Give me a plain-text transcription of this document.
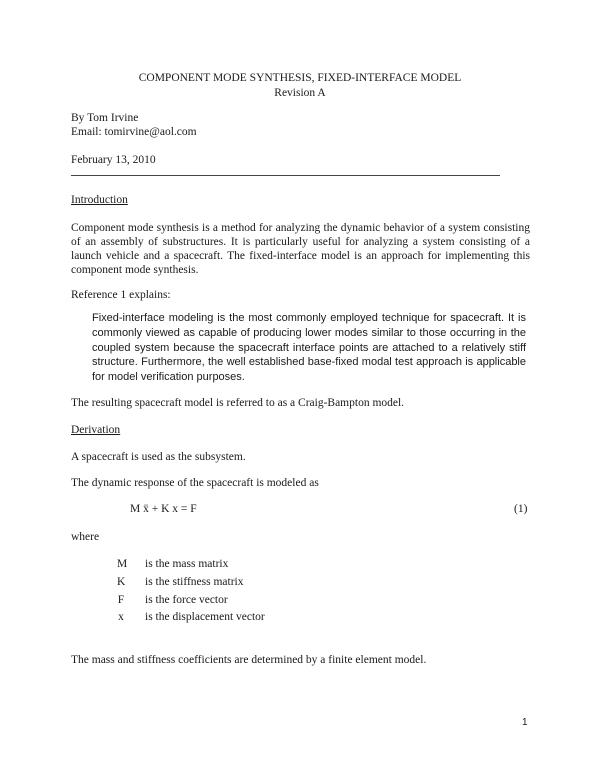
COMPONENT MODE SYNTHESIS, FIXED-INTERFACE MODEL
Revision A
By Tom Irvine
Email: tomirvine@aol.com
February 13, 2010
Introduction
Component mode synthesis is a method for analyzing the dynamic behavior of a system consisting of an assembly of substructures. It is particularly useful for analyzing a system consisting of a launch vehicle and a spacecraft. The fixed-interface model is an approach for implementing this component mode synthesis.
Reference 1 explains:
Fixed-interface modeling is the most commonly employed technique for spacecraft. It is commonly viewed as capable of producing lower modes similar to those occurring in the coupled system because the spacecraft interface points are attached to a relatively stiff structure. Furthermore, the well established base-fixed modal test approach is applicable for model verification purposes.
The resulting spacecraft model is referred to as a Craig-Bampton model.
Derivation
A spacecraft is used as the subsystem.
The dynamic response of the spacecraft is modeled as
M ẍ + K x = F	(1)
where
M is the mass matrix
K is the stiffness matrix
F is the force vector
x is the displacement vector
The mass and stiffness coefficients are determined by a finite element model.
1
